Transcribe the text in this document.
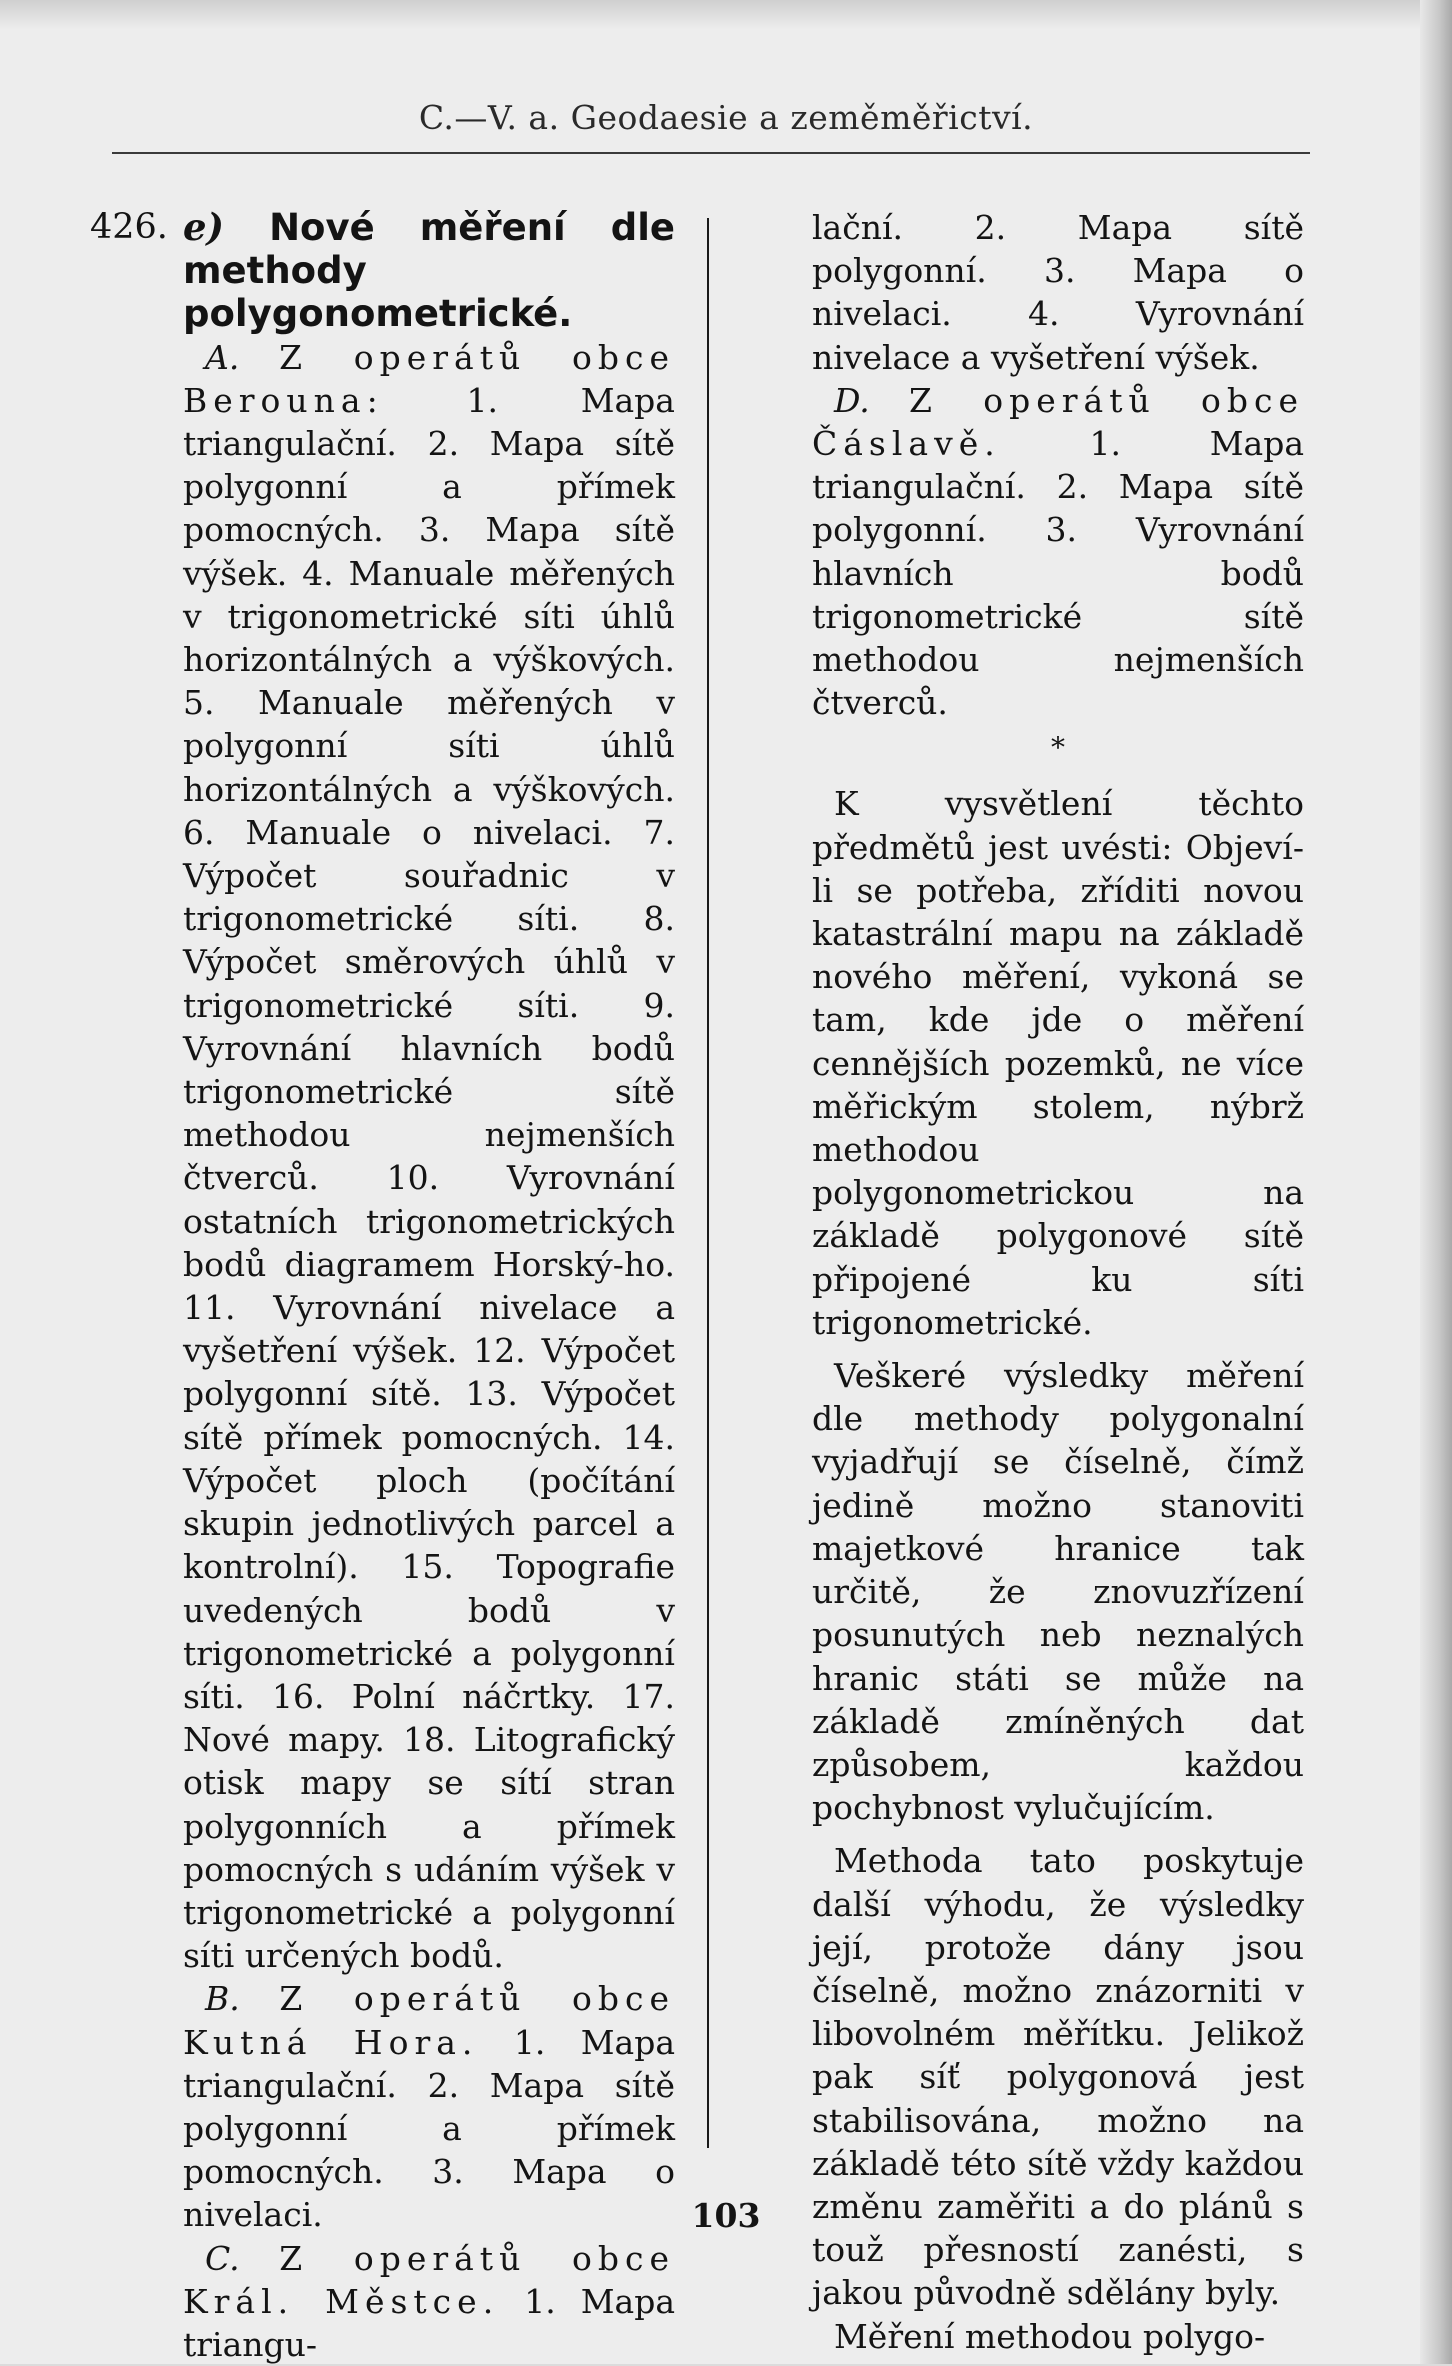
C.—V. a. Geodaesie a zeměměřictví.
426. e) Nové měření dle methody polygonometrické.

A. Z operátů obce Berouna:	1. Mapa triangulační. 2. Mapa sítě polygonní a přímek pomocných. 3. Mapa sítě výšek. 4. Manuale měřených v trigonometrické síti úhlů horizontálných a výškových. 5. Manuale měřených v polygonní síti úhlů horizontálných a výškových. 6. Manuale o nivelaci. 7. Výpočet souřadnic v trigonometrické síti. 8. Výpočet směrových úhlů v trigonometrické síti. 9. Vyrovnání hlavních bodů trigonometrické sítě methodou nejmenších čtverců. 10. Vyrovnání ostatních trigonometrických bodů diagramem Horský-ho. 11. Vyrovnání nivelace a vyšetření výšek. 12. Výpočet polygonní sítě. 13. Výpočet sítě přímek pomocných. 14. Výpočet ploch (počítání skupin jednotlivých parcel a kontrolní). 15. Topografie uvedených bodů v trigonometrické a polygonní síti. 16. Polní náčrtky. 17. Nové mapy. 18. Litografický otisk mapy se sítí stran polygonních a přímek pomocných s udáním výšek v trigonometrické a polygonní síti určených bodů.

B. Z operátů obce Kutná Hora. 1. Mapa triangulační. 2. Mapa sítě polygonní a přímek pomocných. 3. Mapa o nivelaci.

C. Z operátů obce Král. Městce. 1. Mapa triangu-

lační. 2. Mapa sítě polygonní. 3. Mapa o nivelaci. 4. Vyrovnání nivelace a vyšetření výšek.

D. Z operátů obce Čáslavě.	1. Mapa triangulační. 2. Mapa sítě polygonní. 3. Vyrovnání hlavních bodů trigonometrické sítě methodou nejmenších čtverců.

*

K vysvětlení těchto předmětů jest uvésti: Objeví-li se potřeba, zříditi novou katastrální mapu na základě nového měření, vykoná se tam, kde jde o měření cennějších pozemků, ne více měřickým stolem, nýbrž methodou polygonometrickou na základě polygonové sítě připojené ku síti trigonometrické.

Veškeré výsledky měření dle methody polygonalní vyjadřují se číselně, čímž jedině možno stanoviti majetkové hranice tak určitě, že znovuzřízení posunutých neb neznalých hranic státi se může na základě zmíněných dat způsobem, každou pochybnost vylučujícím.

Methoda tato poskytuje další výhodu, že výsledky její, protože dány jsou číselně, možno znázorniti v libovolném měřítku. Jelikož pak síť polygonová jest stabilisována, možno na základě této sítě vždy každou změnu zaměřiti a do plánů s touž přesností zanésti, s jakou původně sdělány byly.

Měření methodou polygo-

103
